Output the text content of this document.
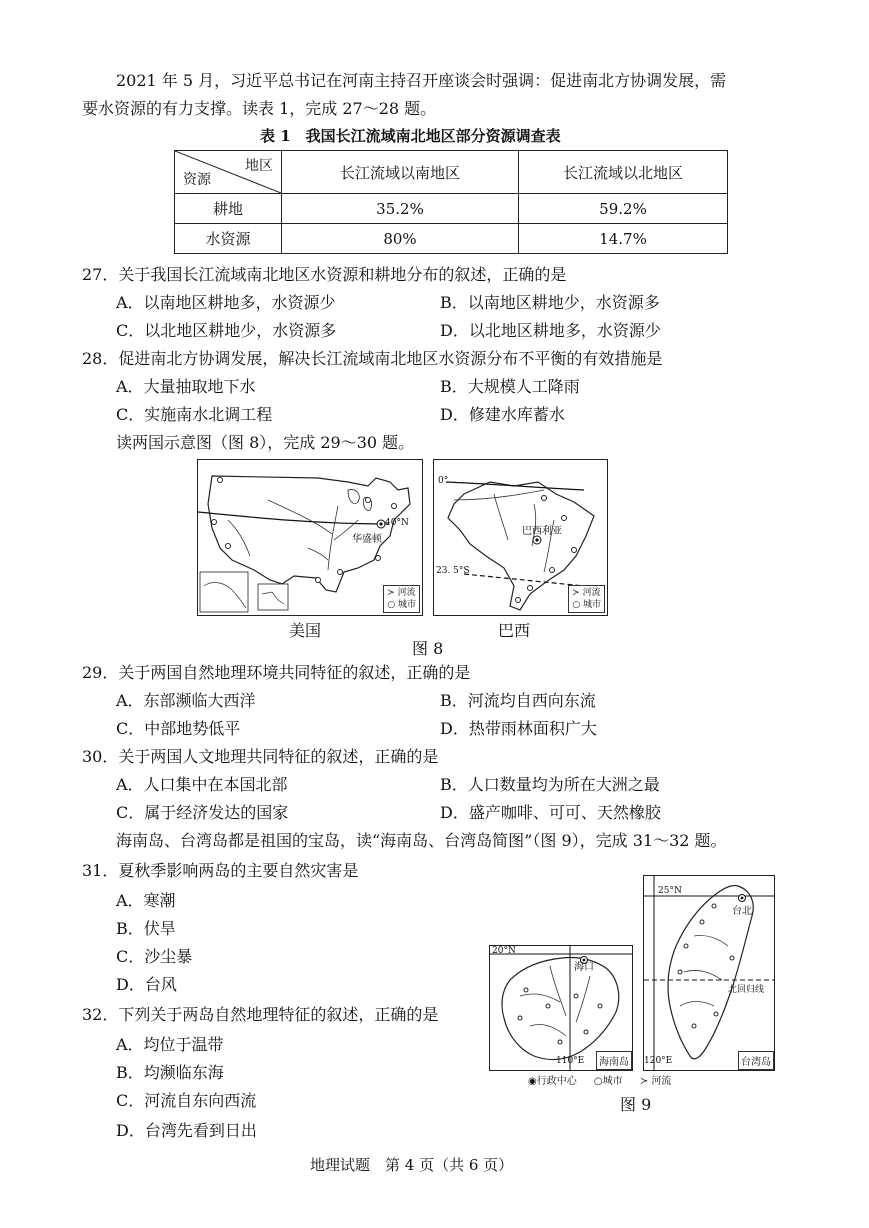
2021 年 5 月，习近平总书记在河南主持召开座谈会时强调：促进南北方协调发展，需
要水资源的有力支撑。读表 1，完成 27～28 题。
表 1　我国长江流域南北地区部分资源调查表
地区
资源	长江流域以南地区	长江流域以北地区
耕地	35.2%	59.2%
水资源	80%	14.7%
27．关于我国长江流域南北地区水资源和耕地分布的叙述，正确的是
A．以南地区耕地多，水资源少	B．以南地区耕地少，水资源多
C．以北地区耕地少，水资源多	D．以北地区耕地多，水资源少
28．促进南北方协调发展，解决长江流域南北地区水资源分布不平衡的有效措施是
A．大量抽取地下水	B．大规模人工降雨
C．实施南水北调工程	D．修建水库蓄水
读两国示意图（图 8），完成 29～30 题。
40°N
华盛顿
≻ 河流
○ 城市
美国
0°
巴西利亚
23. 5°S
≻ 河流
○ 城市
巴西
图 8
29．关于两国自然地理环境共同特征的叙述，正确的是
A．东部濒临大西洋	B．河流均自西向东流
C．中部地势低平	D．热带雨林面积广大
30．关于两国人文地理共同特征的叙述，正确的是
A．人口集中在本国北部	B．人口数量均为所在大洲之最
C．属于经济发达的国家	D．盛产咖啡、可可、天然橡胶
海南岛、台湾岛都是祖国的宝岛，读“海南岛、台湾岛简图”（图 9），完成 31～32 题。
31．夏秋季影响两岛的主要自然灾害是
A．寒潮
B．伏旱
C．沙尘暴
D．台风
32．下列关于两岛自然地理特征的叙述，正确的是
A．均位于温带
B．均濒临东海
C．河流自东向西流
D．台湾先看到日出
20°N
海口
110°E	海南岛
25°N
台北
北回归线
120°E	台湾岛
◉行政中心 ○城市 ≻ 河流
图 9
地理试题　第 4 页（共 6 页）
